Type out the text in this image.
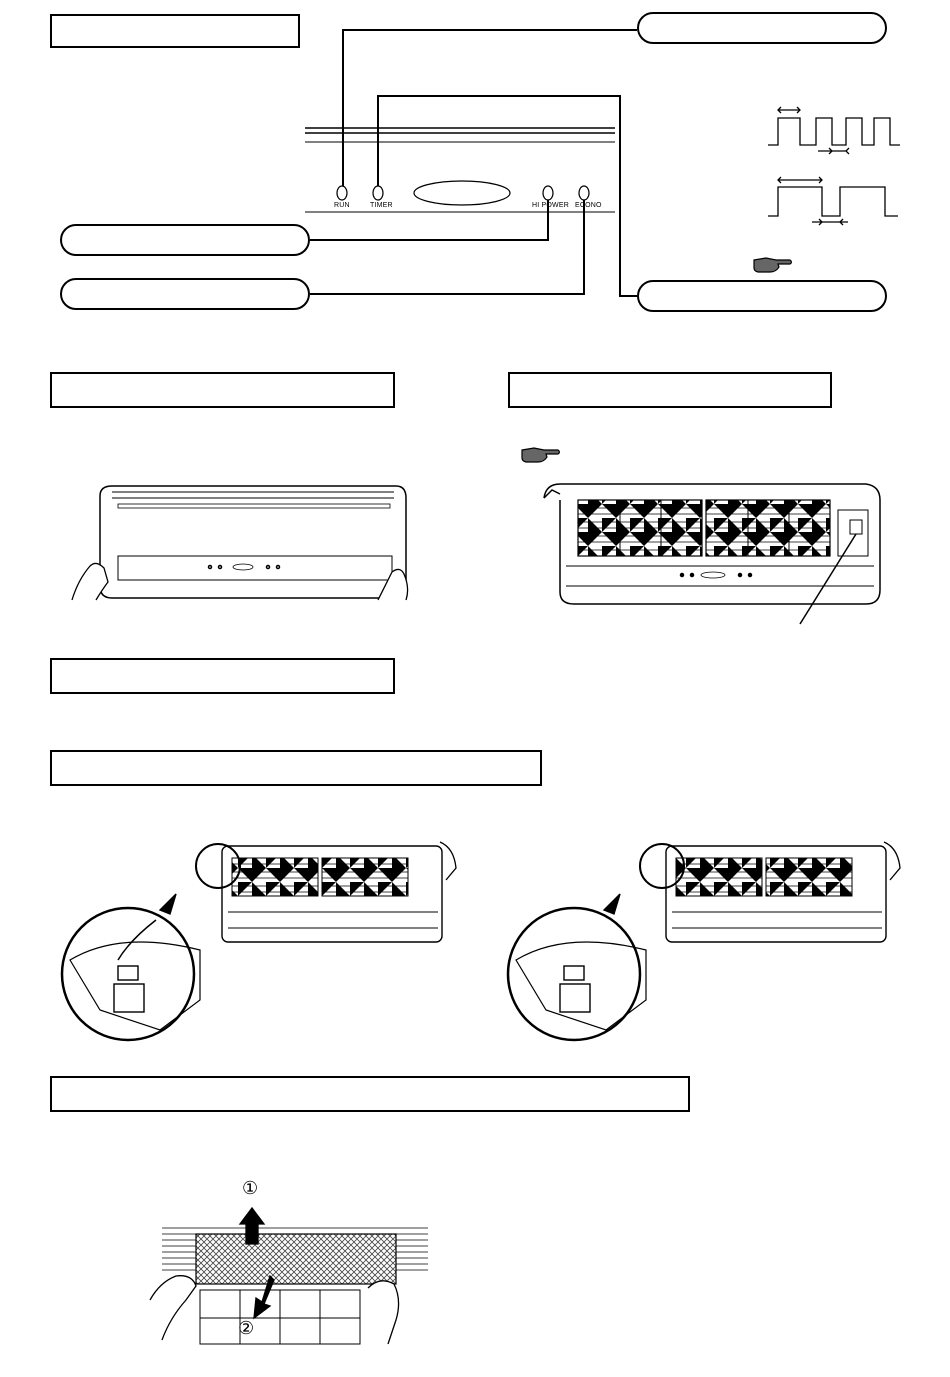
RUN	TIMER	HI POWER ECONO
①
②
